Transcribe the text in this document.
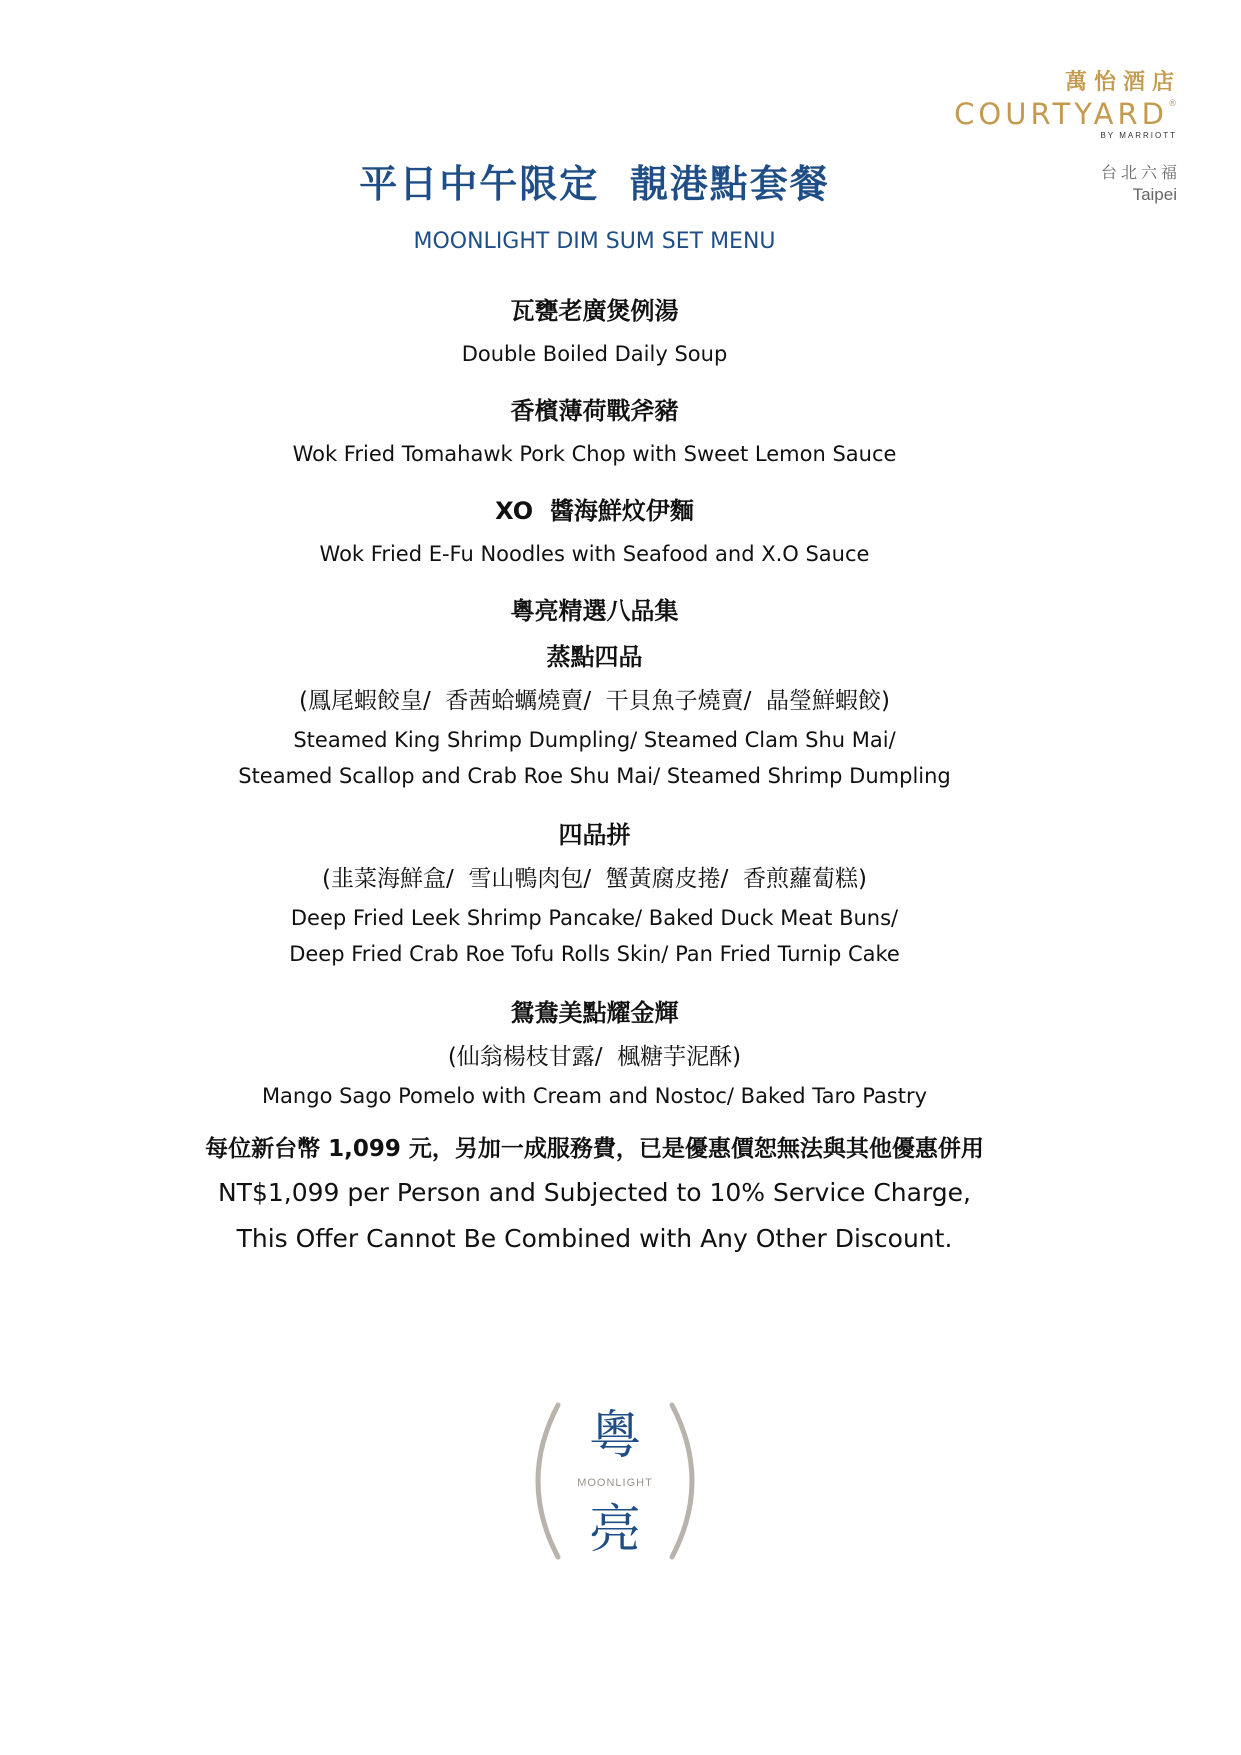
萬怡酒店
COURTYARD®
BY MARRIOTT
台北六福
Taipei
平日中午限定  靚港點套餐
MOONLIGHT DIM SUM SET MENU
瓦甕老廣煲例湯
Double Boiled Daily Soup
香檳薄荷戰斧豬
Wok Fried Tomahawk Pork Chop with Sweet Lemon Sauce
XO  醬海鮮炆伊麵
Wok Fried E-Fu Noodles with Seafood and X.O Sauce
粵亮精選八品集
蒸點四品
(鳳尾蝦餃皇/  香茜蛤蠣燒賣/  干貝魚子燒賣/  晶瑩鮮蝦餃)
Steamed King Shrimp Dumpling/ Steamed Clam Shu Mai/
Steamed Scallop and Crab Roe Shu Mai/ Steamed Shrimp Dumpling
四品拼
(韭菜海鮮盒/  雪山鴨肉包/  蟹黃腐皮捲/  香煎蘿蔔糕)
Deep Fried Leek Shrimp Pancake/ Baked Duck Meat Buns/
Deep Fried Crab Roe Tofu Rolls Skin/ Pan Fried Turnip Cake
鴛鴦美點耀金輝
(仙翁楊枝甘露/  楓糖芋泥酥)
Mango Sago Pomelo with Cream and Nostoc/ Baked Taro Pastry
每位新台幣 1,099 元，另加一成服務費，已是優惠價恕無法與其他優惠併用
NT$1,099 per Person and Subjected to 10% Service Charge,
This Offer Cannot Be Combined with Any Other Discount.
粵
MOONLIGHT
亮
